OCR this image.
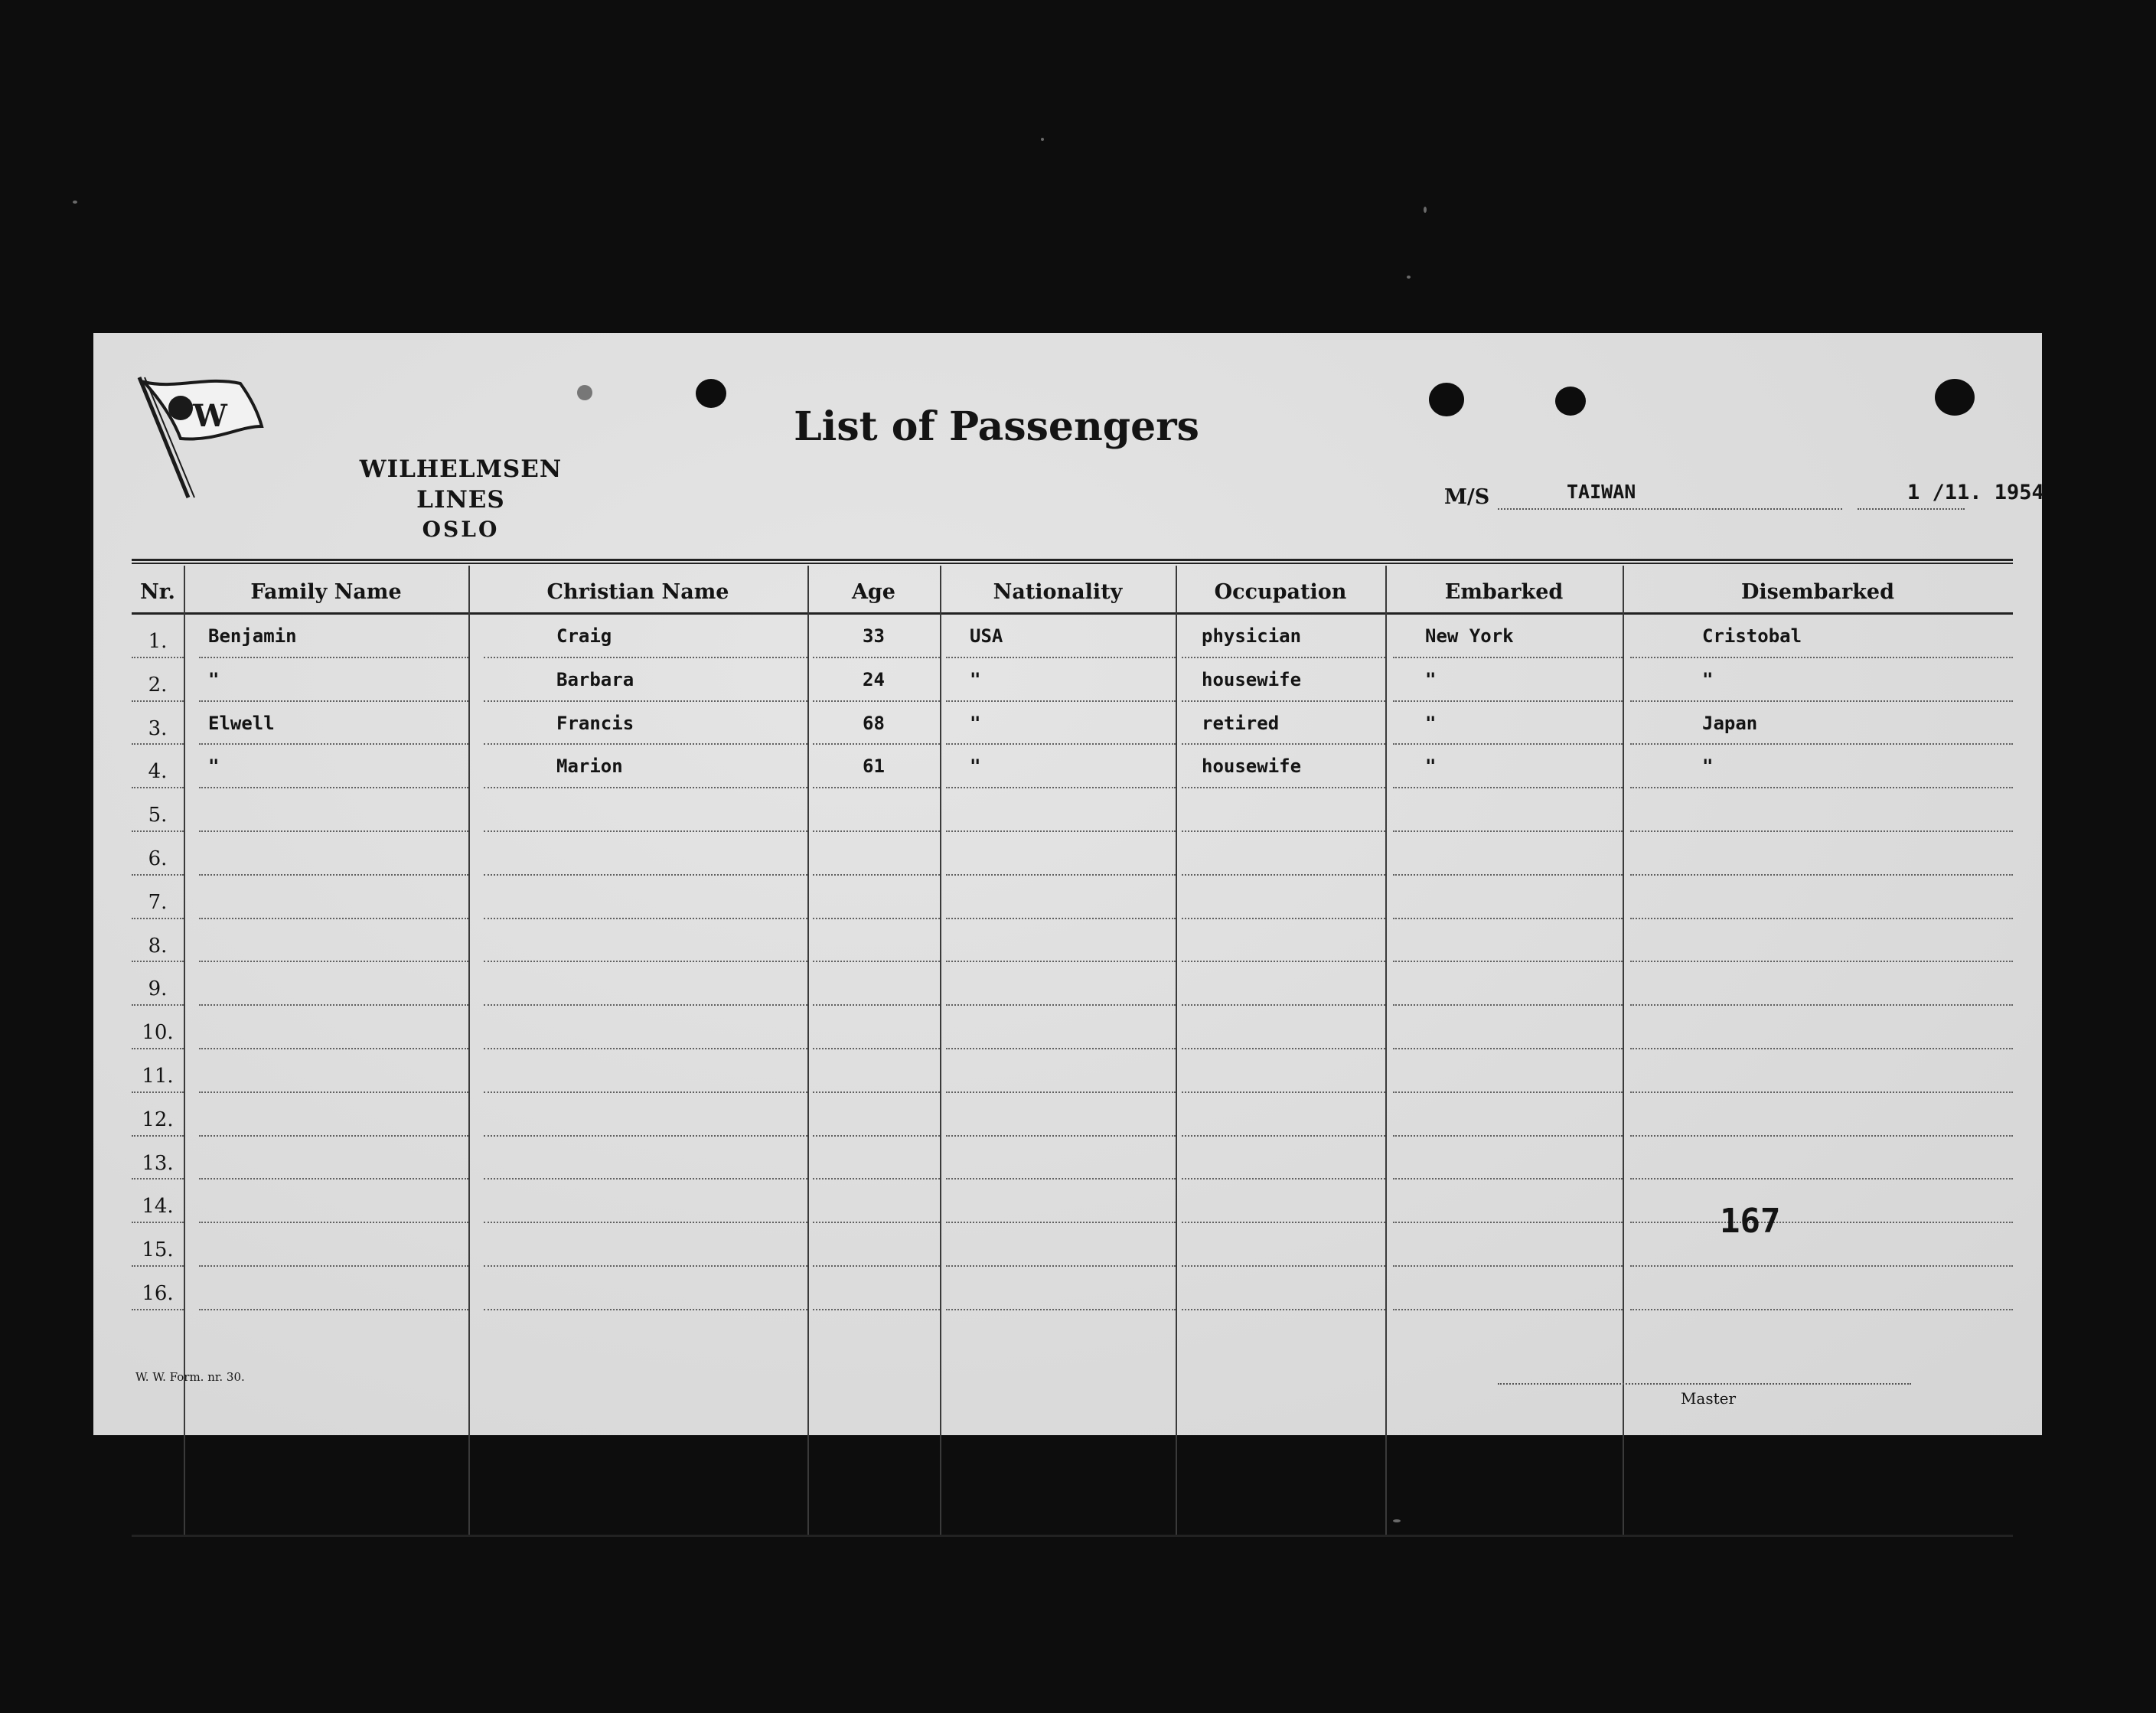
W
WILHELMSEN LINES
OSLO
List of Passengers
M/S	TAIWAN	1 /11. 1954
Nr.	Family Name	Christian Name	Age	Nationality	Occupation	Embarked	Disembarked
1.	Benjamin	Craig	33	USA	physician	New York	Cristobal
2.	"	Barbara	24	"	housewife	"	"
3.	Elwell	Francis	68	"	retired	"	Japan
4.	"	Marion	61	"	housewife	"	"
5.
6.
7.
8.
9.
10.
11.
12.
13.
14.
15.
16.
167
W. W. Form. nr. 30.
Master
